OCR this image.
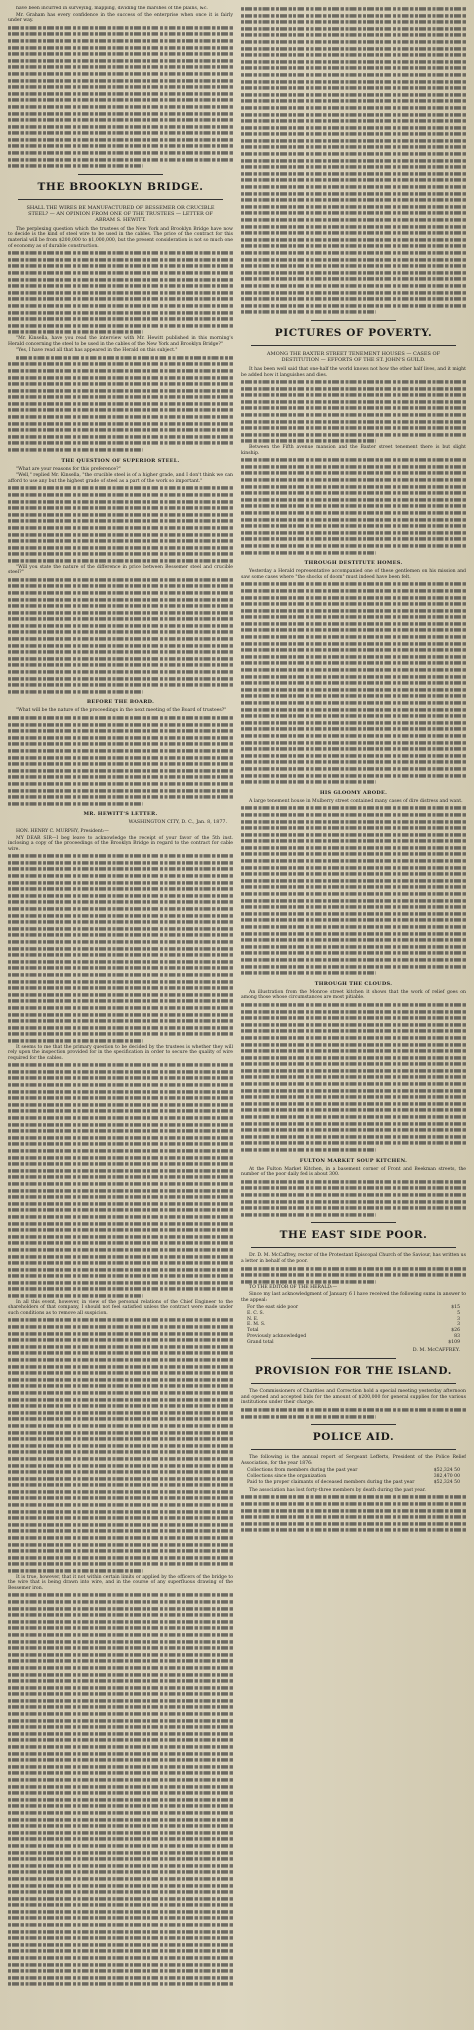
have been incurred in surveying, mapping, dividing the marshes of the plains, &c.

Mr. Graham has every confidence in the success of the enterprise when once it is fairly under way.

THE BROOKLYN BRIDGE.
SHALL THE WIRES BE MANUFACTURED OF BESSEMER OR CRUCIBLE STEEL? — AN OPINION FROM ONE OF THE TRUSTEES — LETTER OF ABRAM S. HEWITT.

The perplexing question which the trustees of the New York and Brooklyn Bridge have now to decide is the kind of steel wire to be used in the cables. The price of the contract for this material will be from $200,000 to $1,000,000, but the present consideration is not so much one of economy as of durable construction.

"Mr. Kinsella, have you read the interview with Mr. Hewitt published in this morning's Herald concerning the steel to be used in the cables of the New York and Brooklyn Bridge?"

"Yes, I have read all that has appeared in the Herald on this subject."

THE QUESTION OF SUPERIOR STEEL.

"What are your reasons for this preference?"

"Well," replied Mr. Kinsella, "the crucible steel is of a higher grade, and I don't think we can afford to use any but the highest grade of steel as a part of the work so important."

"Will you state the nature of the difference in price between Bessemer steel and crucible steel?"

BEFORE THE BOARD.

"What will be the nature of the proceedings in the next meeting of the Board of trustees?"

MR. HEWITT'S LETTER.
WASHINGTON CITY, D. C., Jan. 8, 1877.

HON. HENRY C. MURPHY, President:—

MY DEAR SIR—I beg leave to acknowledge the receipt of your favor of the 5th inst. inclosing a copy of the proceedings of the Brooklyn Bridge in regard to the contract for cable wire.

It seems to me that the primary question to be decided by the trustees is whether they will rely upon the inspection provided for in the specification in order to secure the quality of wire required for the cables.

In all this event, however, in view of the personal relations of the Chief Engineer to the shareholders of that company, I should not feel satisfied unless the contract were made under such conditions as to remove all suspicion.

It is true, however, that it not within certain limits or applied by the officers of the bridge to the wire that is being drawn into wire, and in the course of any superfluous drawing of the Bessemer iron.

PICTURES OF POVERTY.
AMONG THE BAXTER STREET TENEMENT HOUSES — CASES OF DESTITUTION — EFFORTS OF THE ST. JOHN'S GUILD.

It has been well said that one-half the world knows not how the other half lives, and it might be added how it languishes and dies.

Between the Fifth avenue mansion and the Baxter street tenement there is but slight kinship.

THROUGH DESTITUTE HOMES.

Yesterday a Herald representative accompanied one of these gentlemen on his mission and saw some cases where "the shocks of doom" must indeed have been felt.

HIS GLOOMY ABODE.

A large tenement house in Mulberry street contained many cases of dire distress and want.

THROUGH THE CLOUDS.

An illustration from the Monroe street kitchen it shows that the work of relief goes on among those whose circumstances are most pitiable.

FULTON MARKET SOUP KITCHEN.

At the Fulton Market Kitchen, in a basement corner of Front and Beekman streets, the number of the poor daily fed is about 300.

THE EAST SIDE POOR.

Dr. D. M. McCaffrey, rector of the Protestant Episcopal Church of the Saviour, has written us a letter in behalf of the poor.

TO THE EDITOR OF THE HERALD:—

Since my last acknowledgment of January 6 I have received the following sums in answer to the appeal:

For the east side poor	$15
E. C. S.	5
N. E.	3
E. M. S.	3
Total	$26
Previously acknowledged	83
Grand total	$109
D. M. McCAFFREY.
PROVISION FOR THE ISLAND.

The Commissioners of Charities and Correction hold a special meeting yesterday afternoon and opened and accepted bids for the amount of $200,000 for general supplies for the various institutions under their charge.

POLICE AID.

The following is the annual report of Sergeant Lefferts, President of the Police Relief Association, for the year 1876:

Collections from members during the past year	$52,324 50
Collections since the organization	382,470 00
Paid to the proper claimants of deceased members during the past year	$52,324 50

The association has lost forty-three members by death during the past year.
